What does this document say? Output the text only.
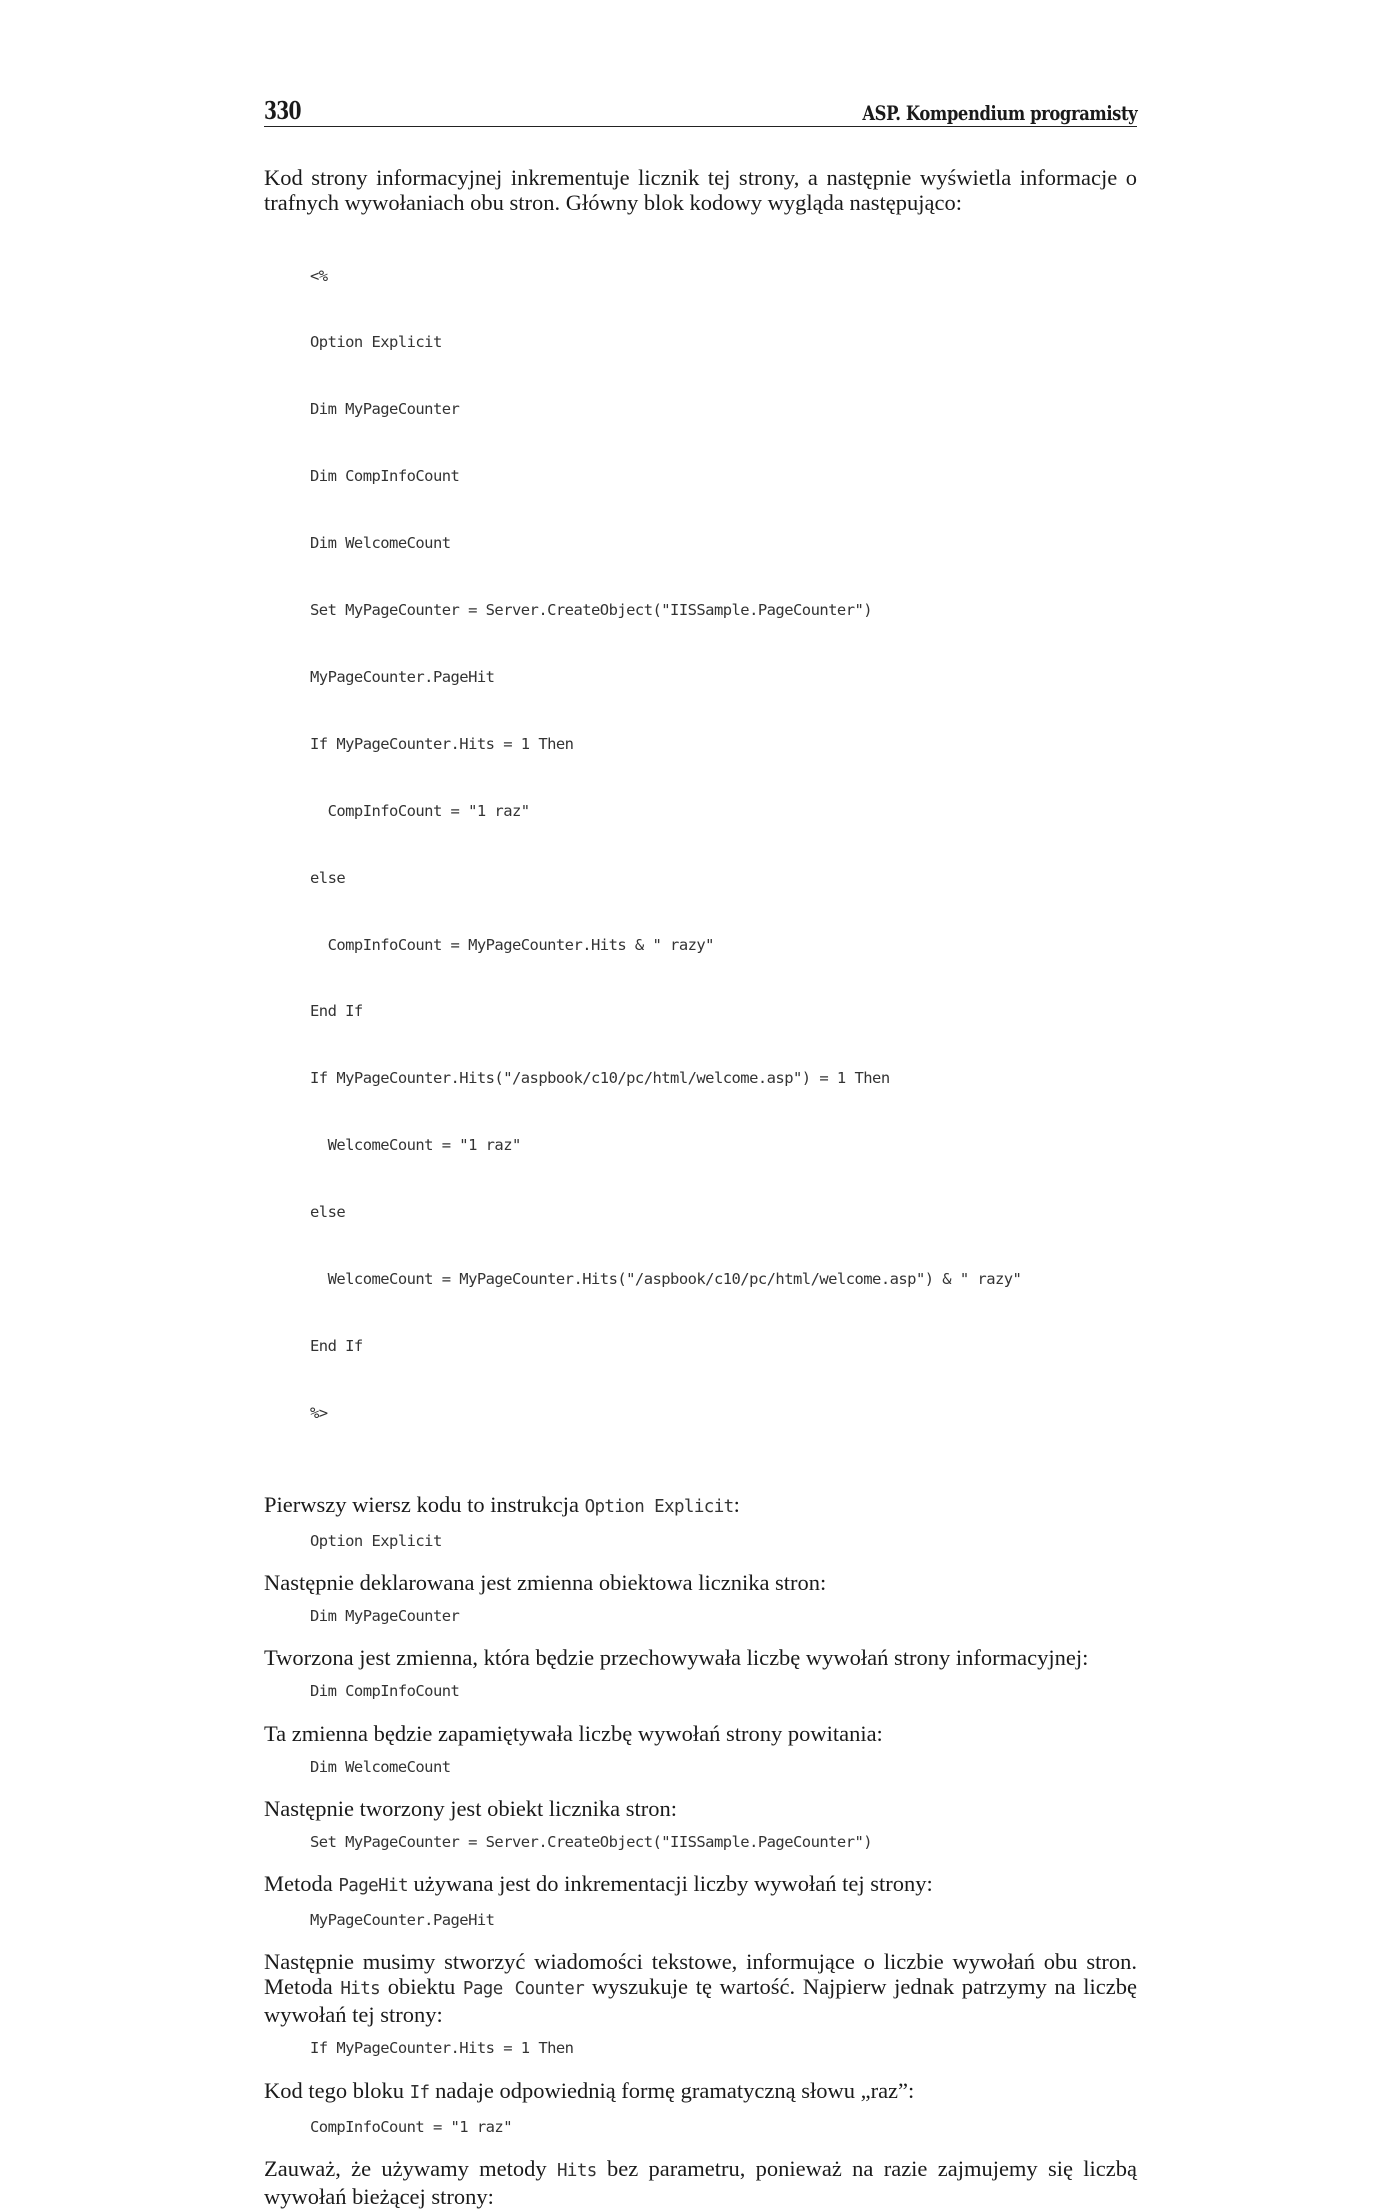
330	ASP. Kompendium programisty

Kod strony informacyjnej inkrementuje licznik tej strony, a następnie wyświetla informacje o trafnych wywołaniach obu stron. Główny blok kodowy wygląda następująco:

<%

Option Explicit

Dim MyPageCounter

Dim CompInfoCount

Dim WelcomeCount

Set MyPageCounter = Server.CreateObject("IISSample.PageCounter")

MyPageCounter.PageHit

If MyPageCounter.Hits = 1 Then

CompInfoCount = "1 raz"

else

CompInfoCount = MyPageCounter.Hits & " razy"

End If

If MyPageCounter.Hits("/aspbook/c10/pc/html/welcome.asp") = 1 Then

WelcomeCount = "1 raz"

else

WelcomeCount = MyPageCounter.Hits("/aspbook/c10/pc/html/welcome.asp") & " razy"

End If

%>

Pierwszy wiersz kodu to instrukcja Option Explicit:

Option Explicit

Następnie deklarowana jest zmienna obiektowa licznika stron:

Dim MyPageCounter

Tworzona jest zmienna, która będzie przechowywała liczbę wywołań strony informacyjnej:

Dim CompInfoCount

Ta zmienna będzie zapamiętywała liczbę wywołań strony powitania:

Dim WelcomeCount

Następnie tworzony jest obiekt licznika stron:

Set MyPageCounter = Server.CreateObject("IISSample.PageCounter")

Metoda PageHit używana jest do inkrementacji liczby wywołań tej strony:

MyPageCounter.PageHit

Następnie musimy stworzyć wiadomości tekstowe, informujące o liczbie wywołań obu stron. Metoda Hits obiektu Page Counter wyszukuje tę wartość. Najpierw jednak patrzymy na liczbę wywołań tej strony:

If MyPageCounter.Hits = 1 Then

Kod tego bloku If nadaje odpowiednią formę gramatyczną słowu „raz”:

CompInfoCount = "1 raz"

Zauważ, że używamy metody Hits bez parametru, ponieważ na razie zajmujemy się liczbą wywołań bieżącej strony:
